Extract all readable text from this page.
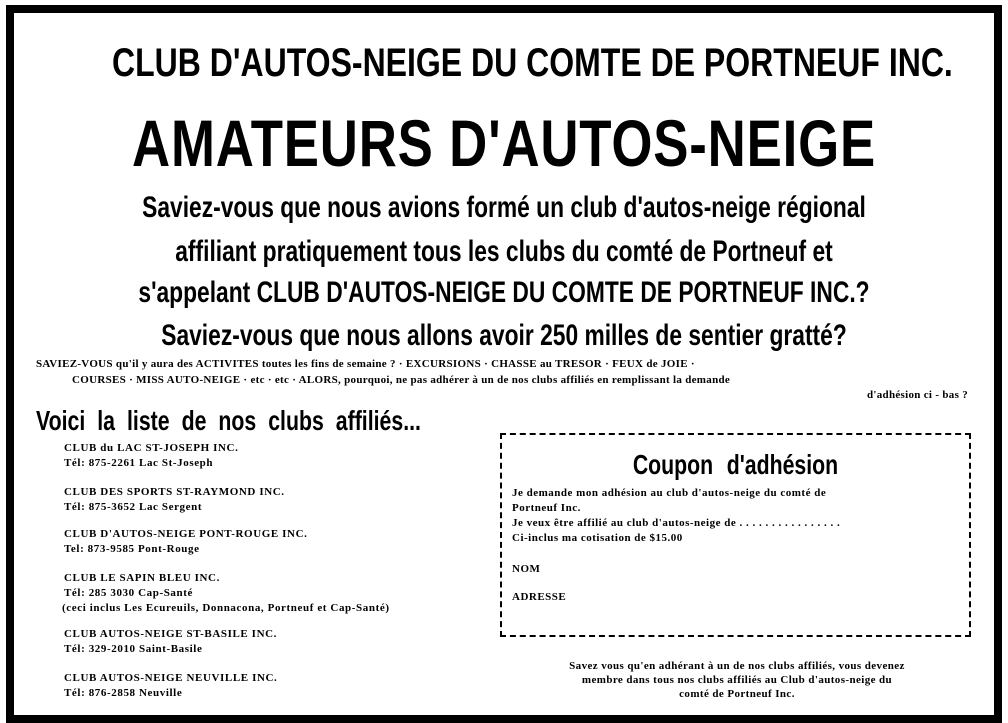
CLUB D'AUTOS-NEIGE DU COMTE DE PORTNEUF INC.
AMATEURS D'AUTOS-NEIGE
Saviez-vous que nous avions formé un club d'autos-neige régional
affiliant pratiquement tous les clubs du comté de Portneuf et
s'appelant CLUB D'AUTOS-NEIGE DU COMTE DE PORTNEUF INC.?
Saviez-vous que nous allons avoir 250 milles de sentier gratté?
SAVIEZ-VOUS qu'il y aura des ACTIVITES toutes les fins de semaine ? · EXCURSIONS · CHASSE au TRESOR · FEUX de JOIE ·
COURSES · MISS AUTO-NEIGE · etc · etc · ALORS, pourquoi, ne pas adhérer à un de nos clubs affiliés en remplissant la demande
d'adhésion ci - bas ?
Voici la liste de nos clubs affiliés...
CLUB du LAC ST-JOSEPH INC.
Tél: 875-2261 Lac St-Joseph
CLUB DES SPORTS ST-RAYMOND INC.
Tél: 875-3652 Lac Sergent
CLUB D'AUTOS-NEIGE PONT-ROUGE INC.
Tel: 873-9585 Pont-Rouge
CLUB LE SAPIN BLEU INC.
Tél: 285 3030 Cap-Santé
(ceci inclus Les Ecureuils, Donnacona, Portneuf et Cap-Santé)
CLUB AUTOS-NEIGE ST-BASILE INC.
Tél: 329-2010 Saint-Basile
CLUB AUTOS-NEIGE NEUVILLE INC.
Tél: 876-2858 Neuville
Coupon d'adhésion
Je demande mon adhésion au club d'autos-neige du comté de
Portneuf Inc.
Je veux être affilié au club d'autos-neige de . . . . . . . . . . . . . . . .
Ci-inclus ma cotisation de $15.00
NOM
ADRESSE
Savez vous qu'en adhérant à un de nos clubs affiliés, vous devenez
membre dans tous nos clubs affiliés au Club d'autos-neige du
comté de Portneuf Inc.
